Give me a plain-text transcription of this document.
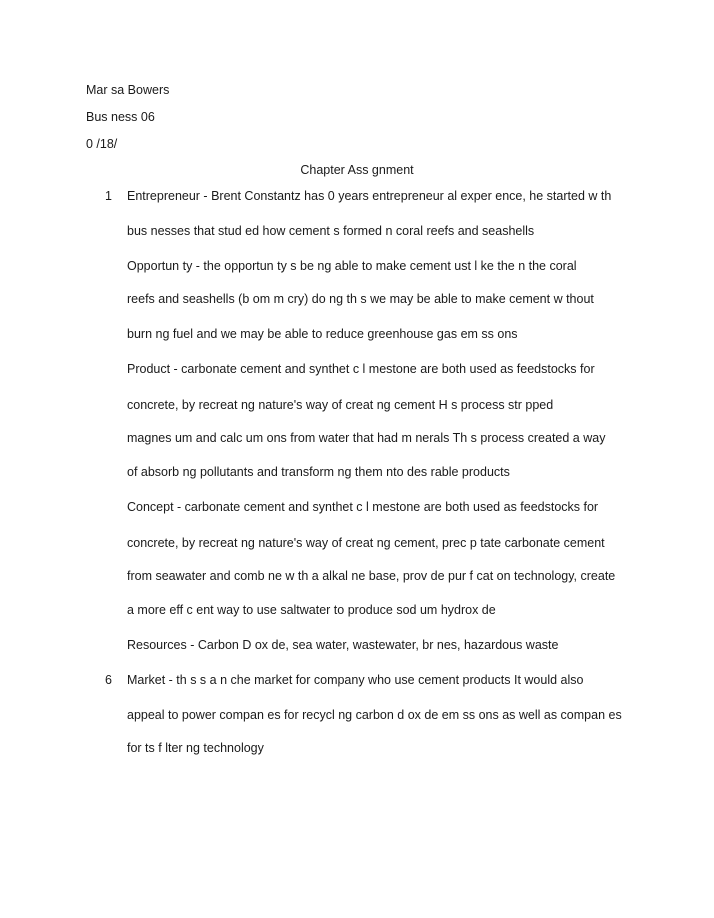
Mar sa Bowers
Bus ness 06
0 /18/
Chapter Ass gnment
1 Entrepreneur - Brent Constantz has 0 years entrepreneur al exper ence, he started w th
bus nesses that stud ed how cement s formed n coral reefs and seashells
Opportun ty - the opportun ty s be ng able to make cement ust l ke the n the coral
reefs and seashells (b om m cry) do ng th s we may be able to make cement w thout
burn ng fuel and we may be able to reduce greenhouse gas em ss ons
Product - carbonate cement and synthet c l mestone are both used as feedstocks for
concrete, by recreat ng nature's way of creat ng cement H s process str pped
magnes um and calc um ons from water that had m nerals Th s process created a way
of absorb ng pollutants and transform ng them nto des rable products
Concept - carbonate cement and synthet c l mestone are both used as feedstocks for
concrete, by recreat ng nature's way of creat ng cement, prec p tate carbonate cement
from seawater and comb ne w th a alkal ne base, prov de pur f cat on technology, create
a more eff c ent way to use saltwater to produce sod um hydrox de
Resources - Carbon D ox de, sea water, wastewater, br nes, hazardous waste
6 Market - th s s a n che market for company who use cement products It would also
appeal to power compan es for recycl ng carbon d ox de em ss ons as well as compan es
for ts f lter ng technology
